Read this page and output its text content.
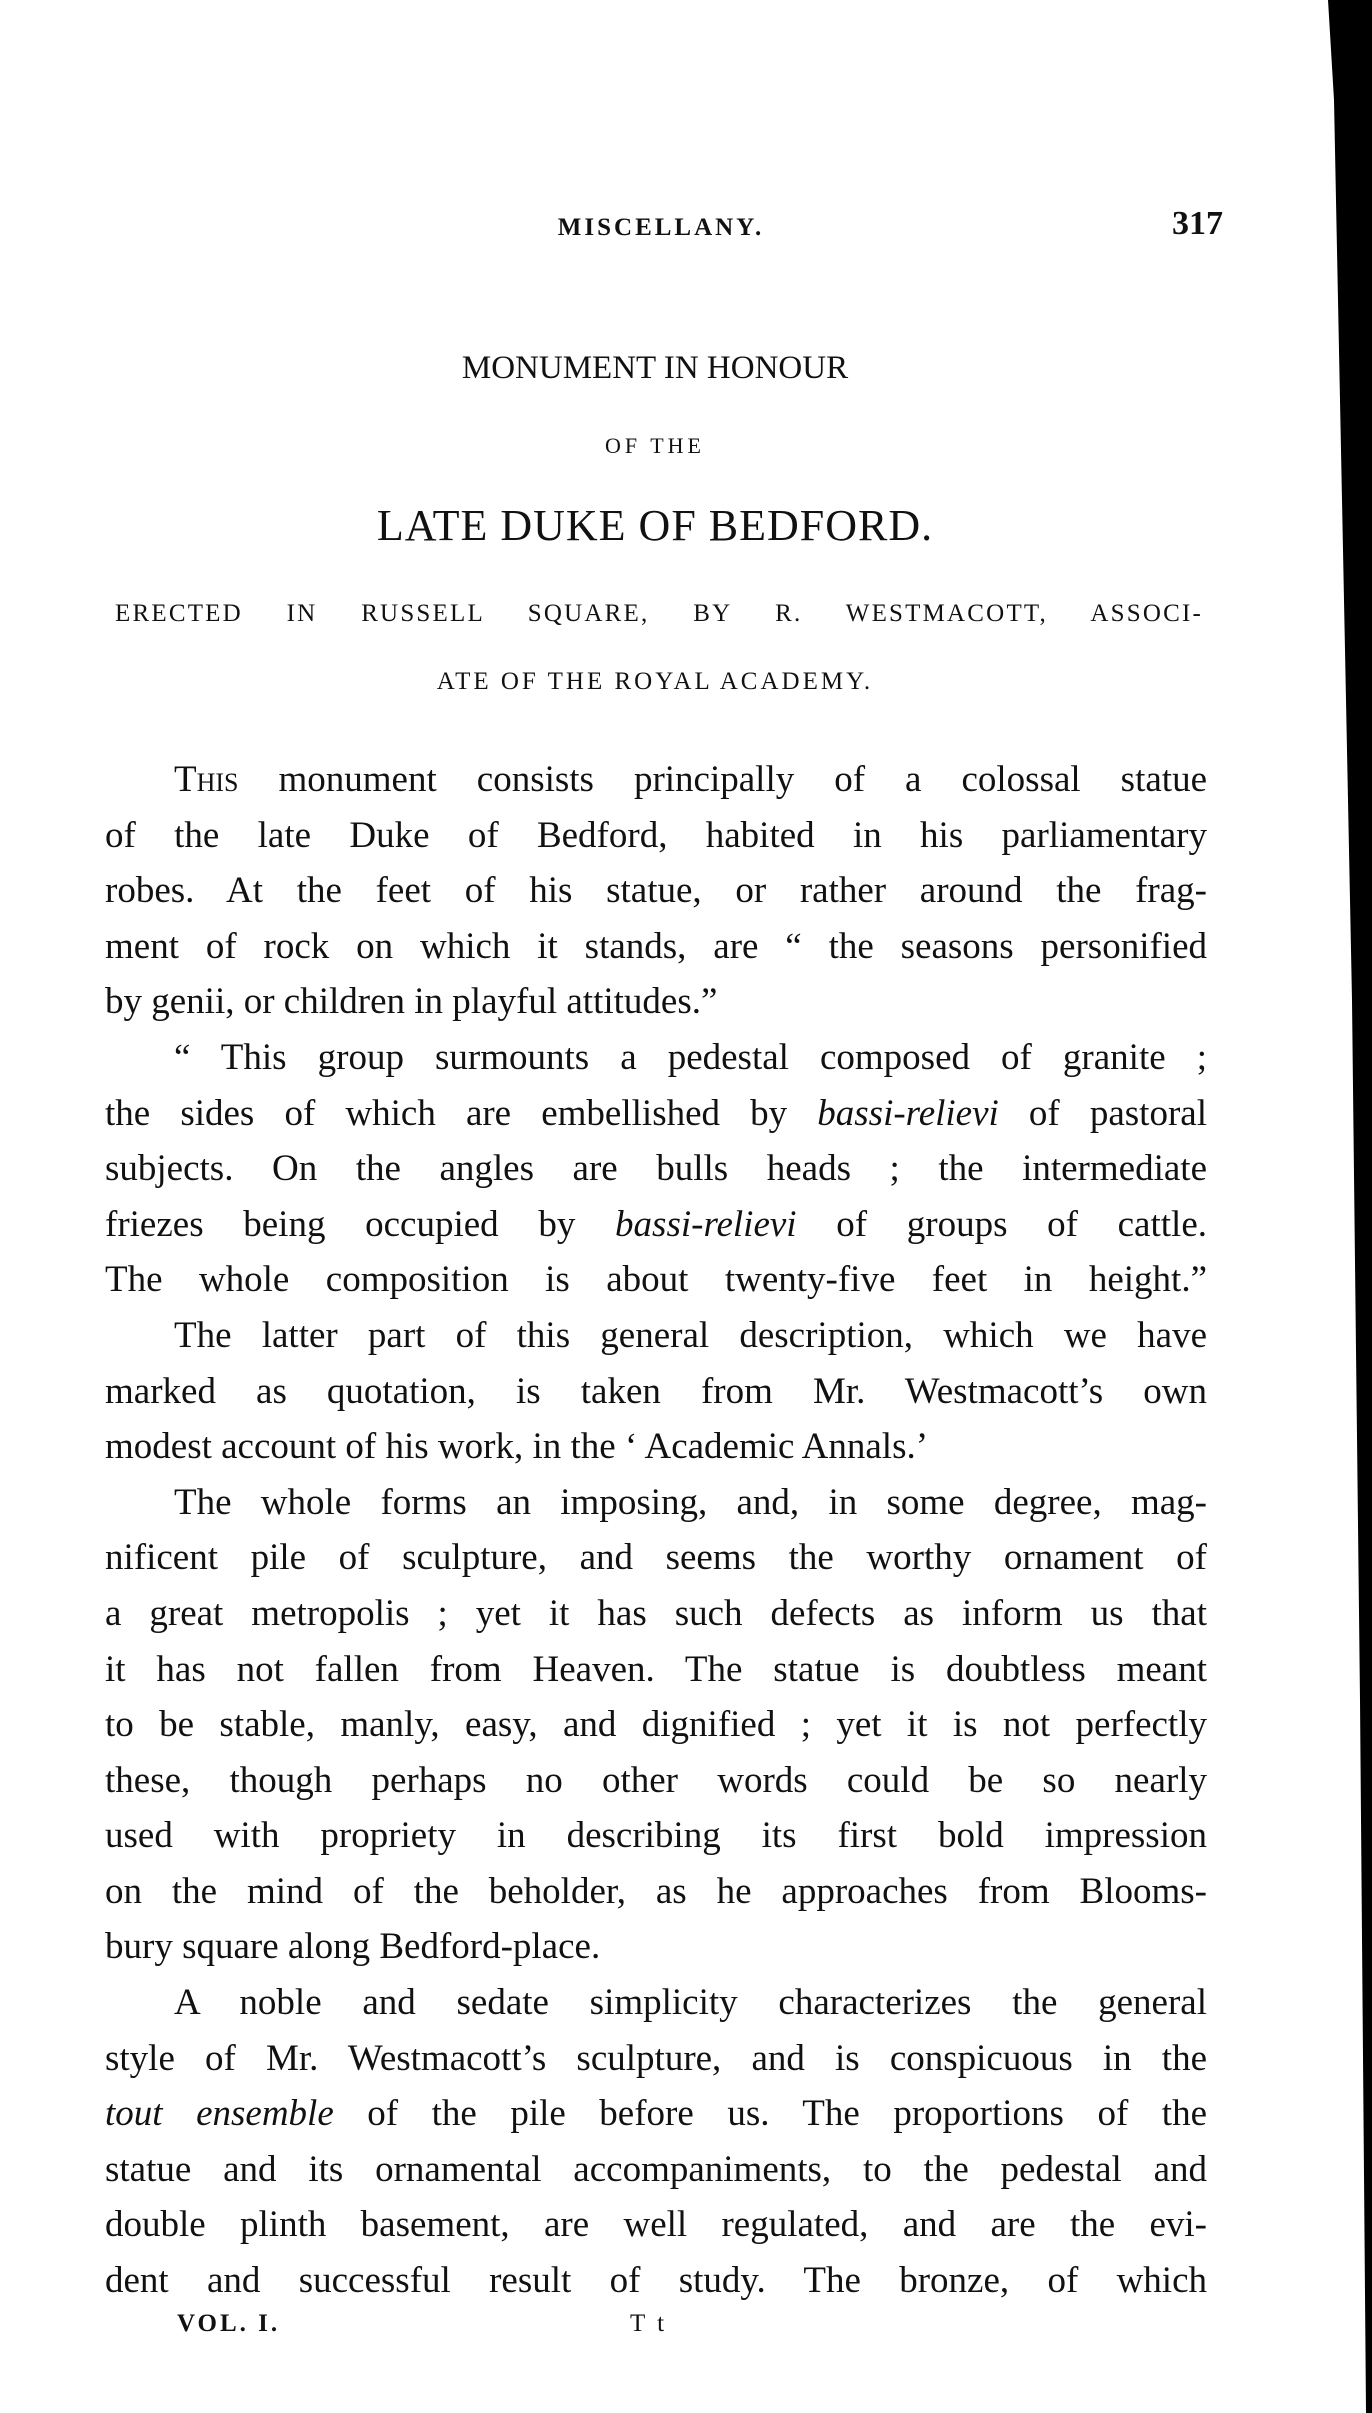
MISCELLANY.	317
MONUMENT IN HONOUR
OF THE
LATE DUKE OF BEDFORD.
ERECTED IN RUSSELL SQUARE, BY R. WESTMACOTT, ASSOCI-
ATE OF THE ROYAL ACADEMY.
This monument consists principally of a colossal statue
of the late Duke of Bedford, habited in his parliamentary
robes. At the feet of his statue, or rather around the frag-
ment of rock on which it stands, are “ the seasons personified
by genii, or children in playful attitudes.”
“ This group surmounts a pedestal composed of granite ;
the sides of which are embellished by bassi-relievi of pastoral
subjects. On the angles are bulls heads ; the intermediate
friezes being occupied by bassi-relievi of groups of cattle.
The whole composition is about twenty-five feet in height.”
The latter part of this general description, which we have
marked as quotation, is taken from Mr. Westmacott’s own
modest account of his work, in the ‘ Academic Annals.’
The whole forms an imposing, and, in some degree, mag-
nificent pile of sculpture, and seems the worthy ornament of
a great metropolis ; yet it has such defects as inform us that
it has not fallen from Heaven. The statue is doubtless meant
to be stable, manly, easy, and dignified ; yet it is not perfectly
these, though perhaps no other words could be so nearly
used with propriety in describing its first bold impression
on the mind of the beholder, as he approaches from Blooms-
bury square along Bedford-place.
A noble and sedate simplicity characterizes the general
style of Mr. Westmacott’s sculpture, and is conspicuous in the
tout ensemble of the pile before us. The proportions of the
statue and its ornamental accompaniments, to the pedestal and
double plinth basement, are well regulated, and are the evi-
dent and successful result of study. The bronze, of which
VOL. I.	T t
